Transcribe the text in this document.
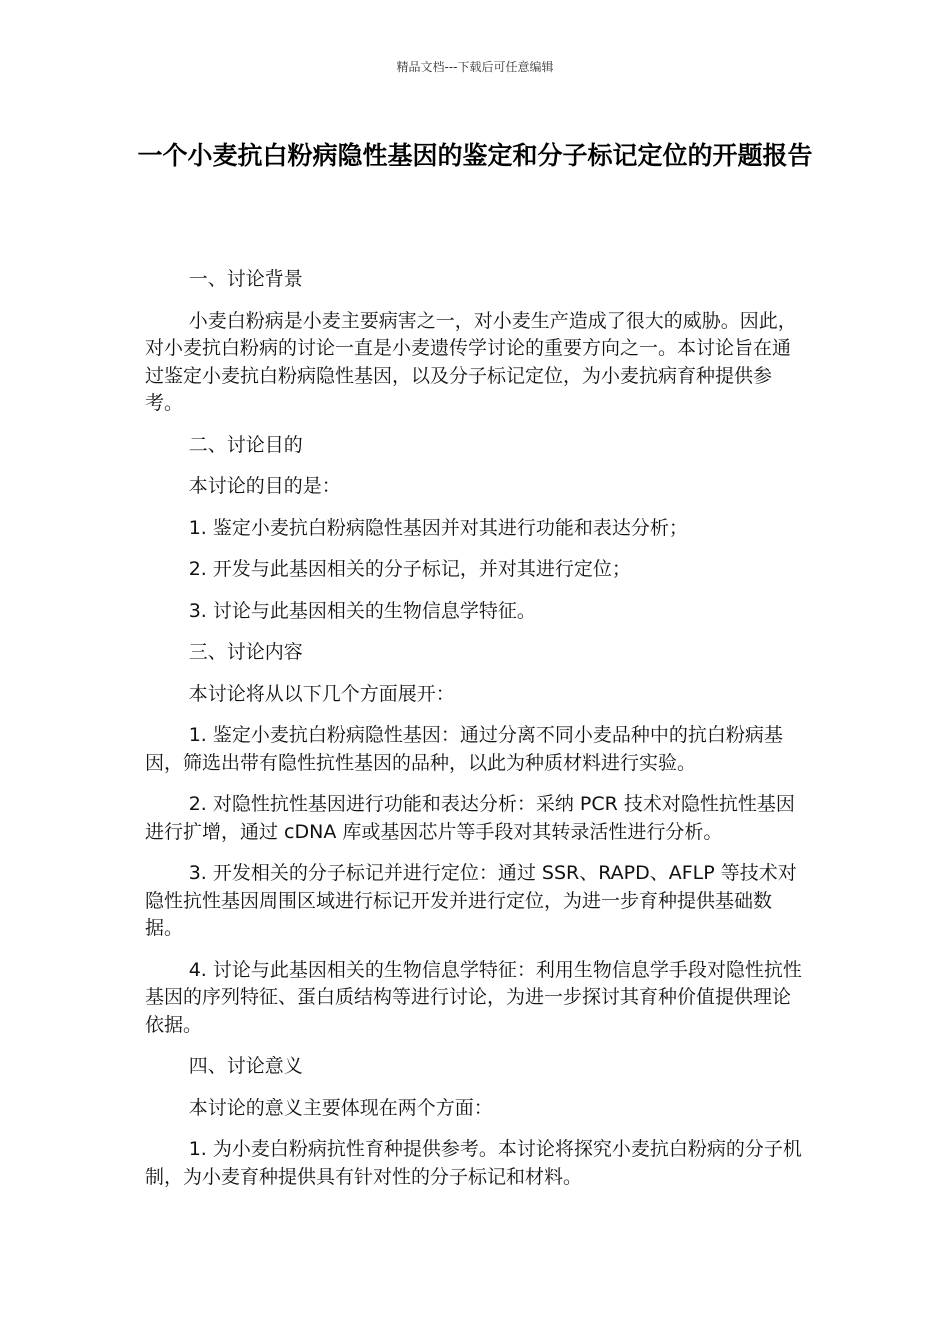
精品文档---下载后可任意编辑
一个小麦抗白粉病隐性基因的鉴定和分子标记定位的开题报告

一、讨论背景

小麦白粉病是小麦主要病害之一，对小麦生产造成了很大的威胁。因此，对小麦抗白粉病的讨论一直是小麦遗传学讨论的重要方向之一。本讨论旨在通过鉴定小麦抗白粉病隐性基因，以及分子标记定位，为小麦抗病育种提供参考。

二、讨论目的

本讨论的目的是：

1. 鉴定小麦抗白粉病隐性基因并对其进行功能和表达分析；

2. 开发与此基因相关的分子标记，并对其进行定位；

3. 讨论与此基因相关的生物信息学特征。

三、讨论内容

本讨论将从以下几个方面展开：

1. 鉴定小麦抗白粉病隐性基因：通过分离不同小麦品种中的抗白粉病基因，筛选出带有隐性抗性基因的品种，以此为种质材料进行实验。

2. 对隐性抗性基因进行功能和表达分析：采纳 PCR 技术对隐性抗性基因进行扩增，通过 cDNA 库或基因芯片等手段对其转录活性进行分析。

3. 开发相关的分子标记并进行定位：通过 SSR、RAPD、AFLP 等技术对隐性抗性基因周围区域进行标记开发并进行定位，为进一步育种提供基础数据。

4. 讨论与此基因相关的生物信息学特征：利用生物信息学手段对隐性抗性基因的序列特征、蛋白质结构等进行讨论，为进一步探讨其育种价值提供理论依据。

四、讨论意义

本讨论的意义主要体现在两个方面：

1. 为小麦白粉病抗性育种提供参考。本讨论将探究小麦抗白粉病的分子机制，为小麦育种提供具有针对性的分子标记和材料。
